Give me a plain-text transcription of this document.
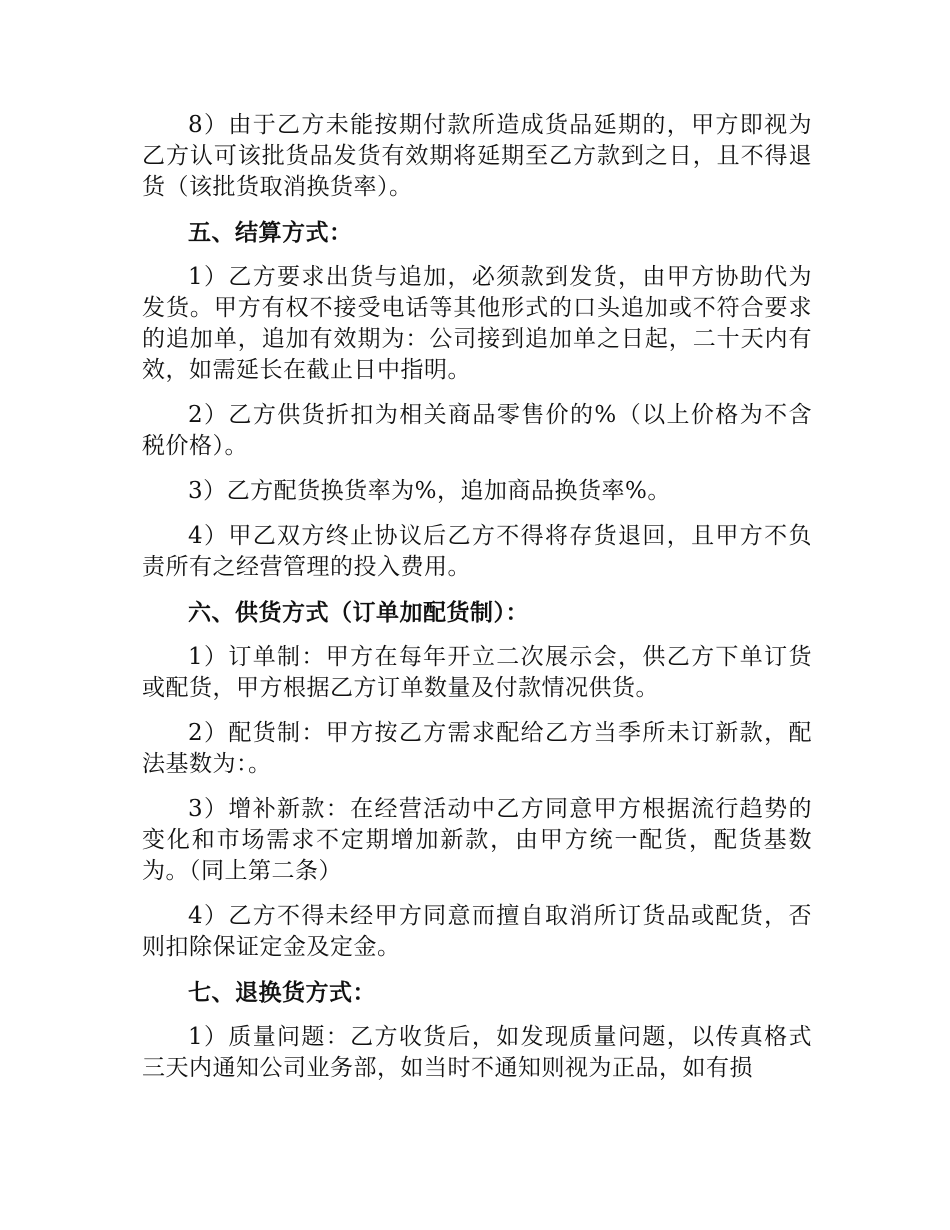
8）由于乙方未能按期付款所造成货品延期的，甲方即视为乙方认可该批货品发货有效期将延期至乙方款到之日，且不得退货（该批货取消换货率）。

五、结算方式：

1）乙方要求出货与追加，必须款到发货，由甲方协助代为发货。甲方有权不接受电话等其他形式的口头追加或不符合要求的追加单，追加有效期为：公司接到追加单之日起，二十天内有效，如需延长在截止日中指明。

2）乙方供货折扣为相关商品零售价的%（以上价格为不含税价格）。

3）乙方配货换货率为%，追加商品换货率%。

4）甲乙双方终止协议后乙方不得将存货退回，且甲方不负责所有之经营管理的投入费用。

六、供货方式（订单加配货制）：

1）订单制：甲方在每年开立二次展示会，供乙方下单订货或配货，甲方根据乙方订单数量及付款情况供货。

2）配货制：甲方按乙方需求配给乙方当季所未订新款，配法基数为：。

3）增补新款：在经营活动中乙方同意甲方根据流行趋势的变化和市场需求不定期增加新款，由甲方统一配货，配货基数为。（同上第二条）

4）乙方不得未经甲方同意而擅自取消所订货品或配货，否则扣除保证定金及定金。

七、退换货方式：

1）质量问题：乙方收货后，如发现质量问题，以传真格式三天内通知公司业务部，如当时不通知则视为正品，如有损
